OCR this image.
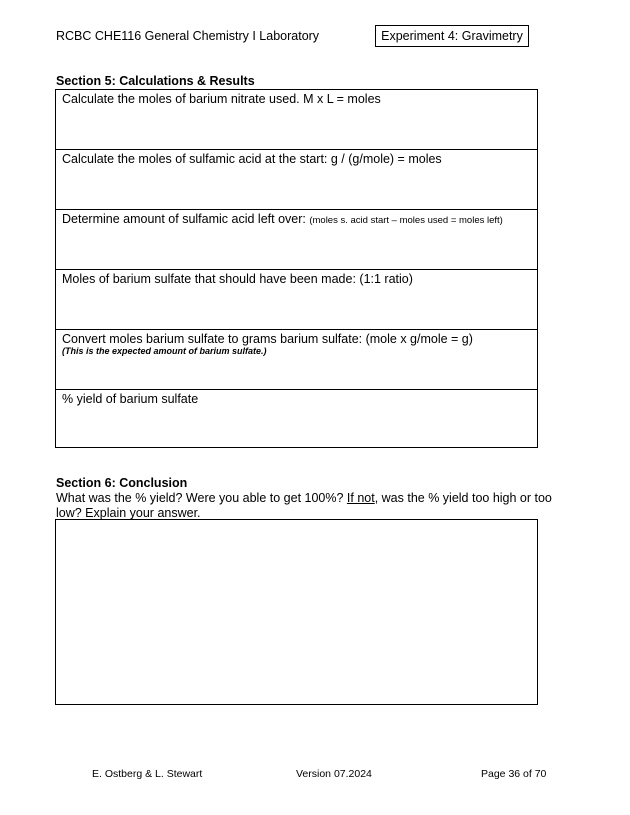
RCBC CHE116 General Chemistry I Laboratory	Experiment 4: Gravimetry
Section 5: Calculations & Results
Calculate the moles of barium nitrate used. M x L = moles
Calculate the moles of sulfamic acid at the start: g / (g/mole) = moles
Determine amount of sulfamic acid left over: (moles s. acid start – moles used = moles left)
Moles of barium sulfate that should have been made: (1:1 ratio)
Convert moles barium sulfate to grams barium sulfate: (mole x g/mole = g)
(This is the expected amount of barium sulfate.)
% yield of barium sulfate
Section 6: Conclusion
What was the % yield? Were you able to get 100%? If not, was the % yield too high or too low? Explain your answer.
E. Ostberg & L. Stewart	Version 07.2024	Page 36 of 70
